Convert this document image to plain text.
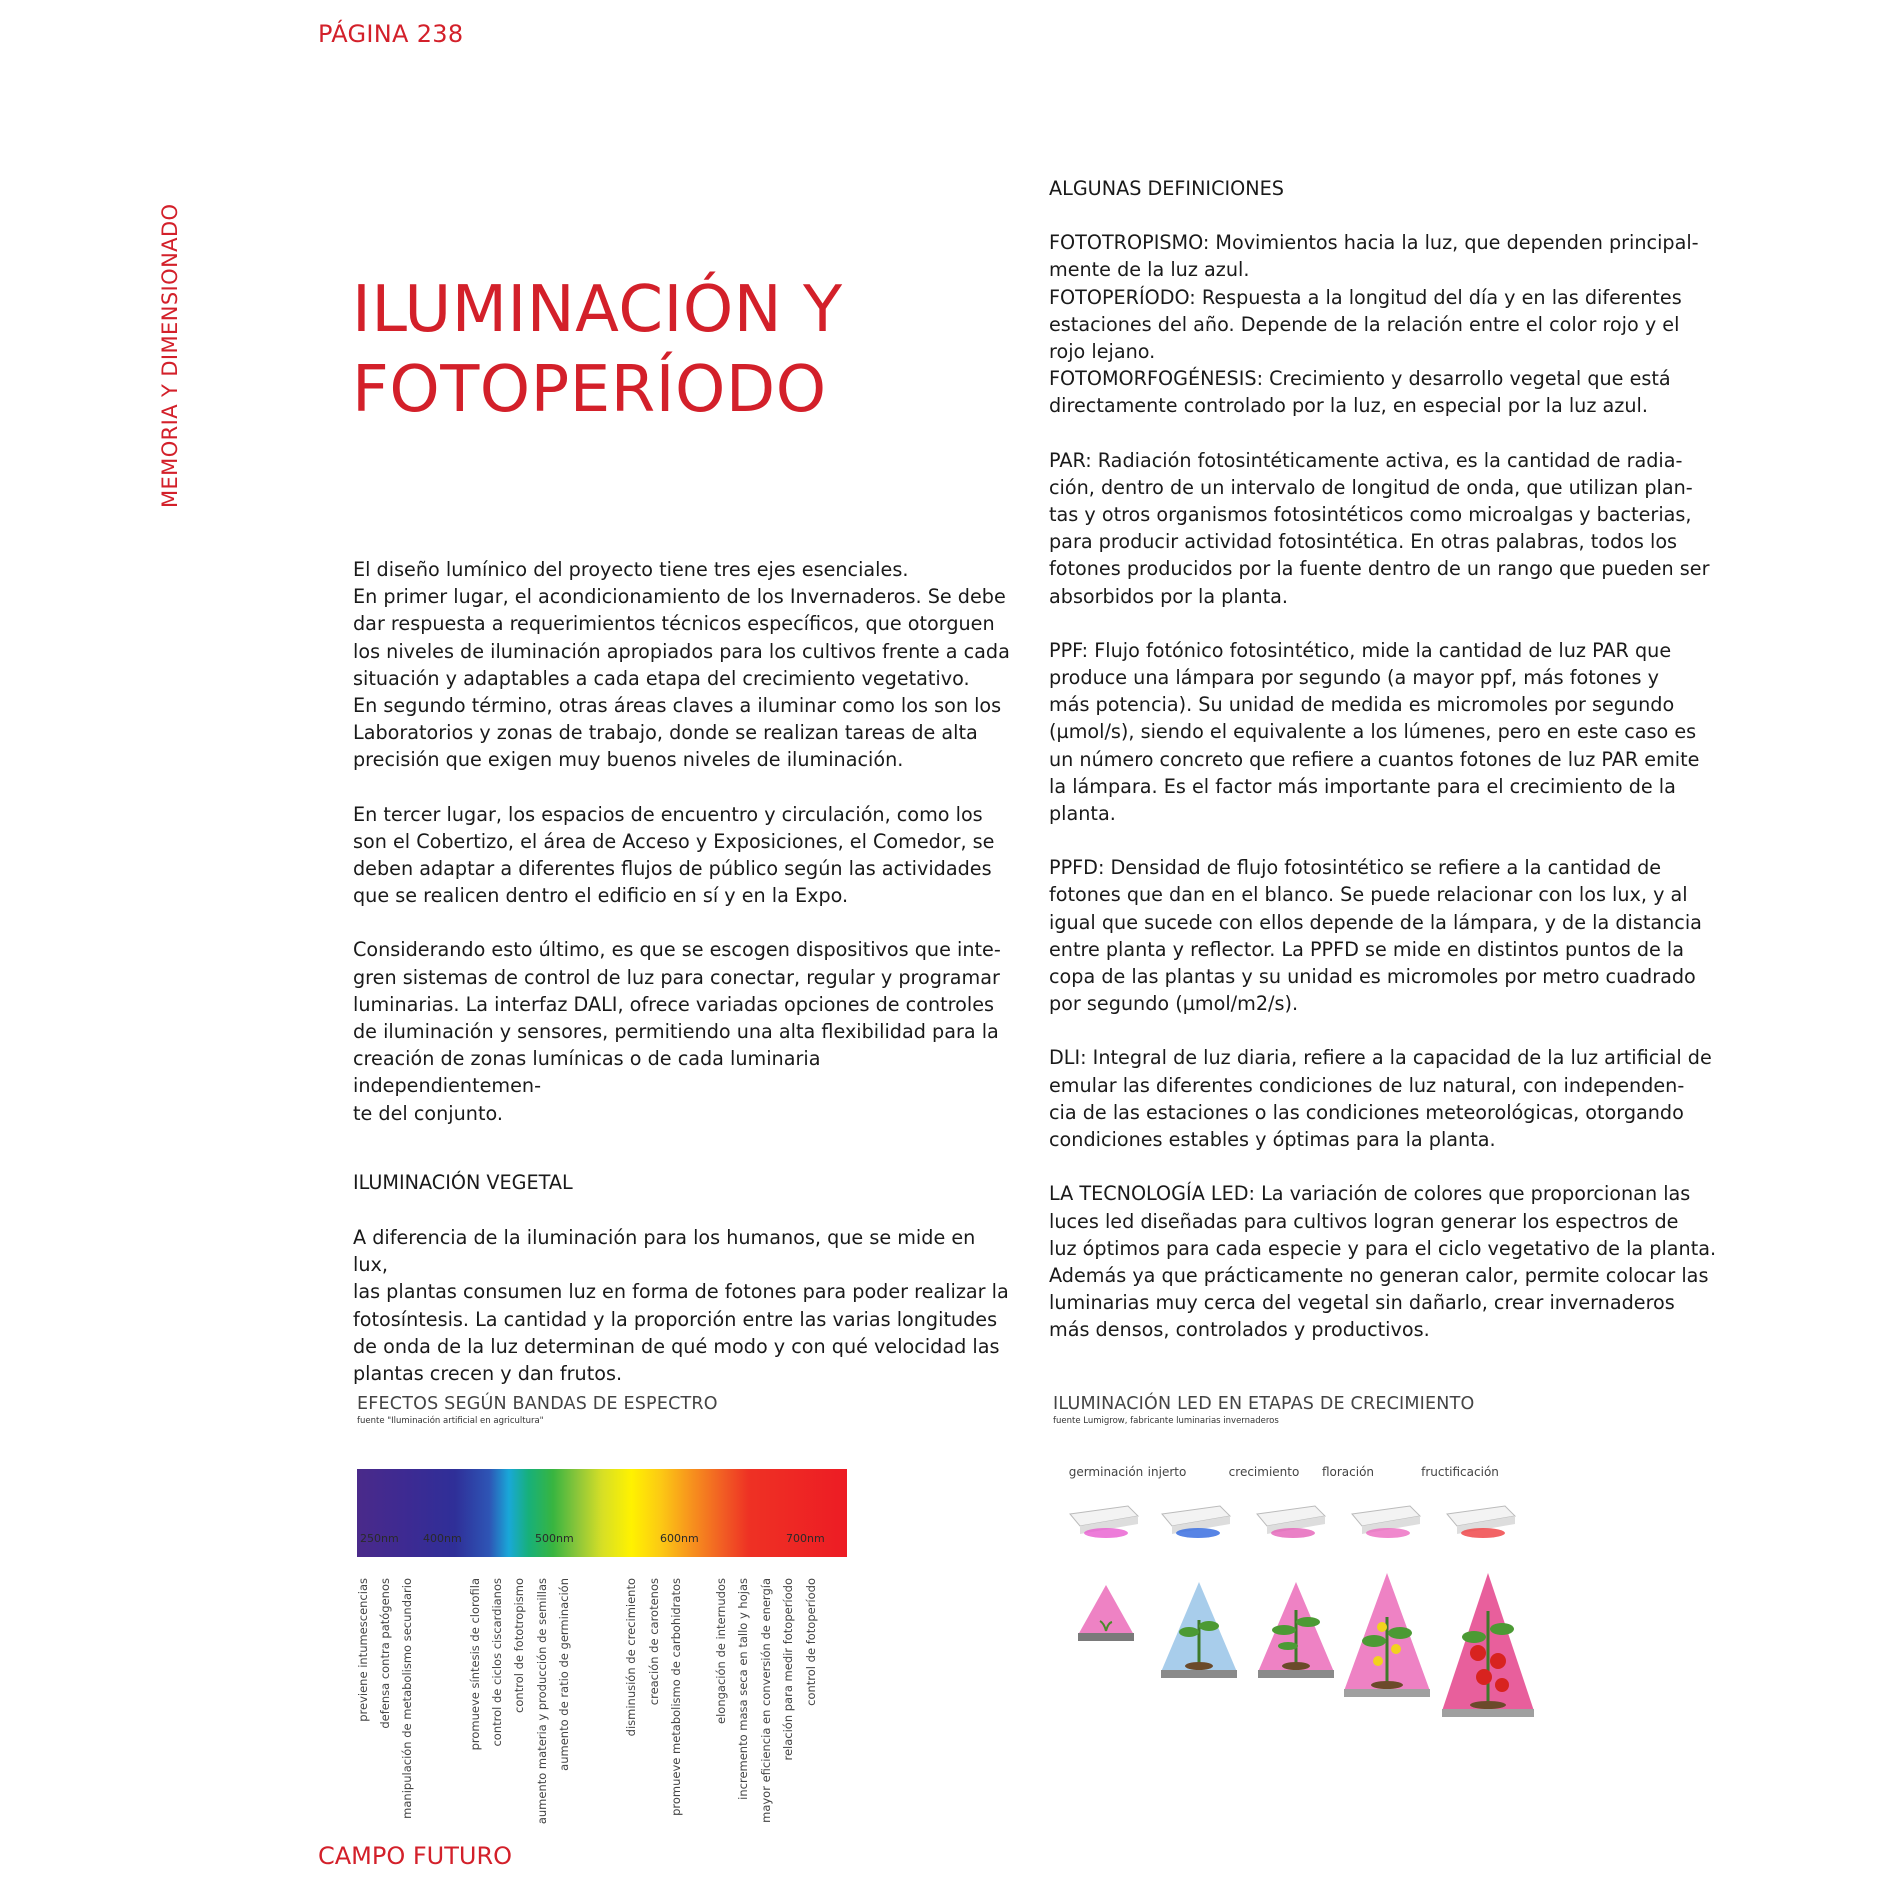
PÁGINA 238
MEMORIA Y DIMENSIONADO
CAMPO FUTURO
ILUMINACIÓN Y
FOTOPERÍODO

El diseño lumínico del proyecto tiene tres ejes esenciales.

En primer lugar, el acondicionamiento de los Invernaderos. Se debe

dar respuesta a requerimientos técnicos específicos, que otorguen

los niveles de iluminación apropiados para los cultivos frente a cada

situación y adaptables a cada etapa del crecimiento vegetativo.

En segundo término, otras áreas claves a iluminar como los son los

Laboratorios y zonas de trabajo, donde se realizan tareas de alta

precisión que exigen muy buenos niveles de iluminación.

En tercer lugar, los espacios de encuentro y circulación, como los

son el Cobertizo, el área de Acceso y Exposiciones, el Comedor, se

deben adaptar a diferentes flujos de público según las actividades

que se realicen dentro el edificio en sí y en la Expo.

Considerando esto último, es que se escogen dispositivos que inte-

gren sistemas de control de luz para conectar, regular y programar

luminarias. La interfaz DALI, ofrece variadas opciones de controles

de iluminación y sensores, permitiendo una alta flexibilidad para la

creación de zonas lumínicas o de cada luminaria independientemen-

te del conjunto.

ILUMINACIÓN VEGETAL

A diferencia de la iluminación para los humanos, que se mide en lux,

las plantas consumen luz en forma de fotones para poder realizar la

fotosíntesis. La cantidad y la proporción entre las varias longitudes

de onda de la luz determinan de qué modo y con qué velocidad las

plantas crecen y dan frutos.

ALGUNAS DEFINICIONES

FOTOTROPISMO: Movimientos hacia la luz, que dependen principal-

mente de la luz azul.

FOTOPERÍODO: Respuesta a la longitud del día y en las diferentes

estaciones del año. Depende de la relación entre el color rojo y el

rojo lejano.

FOTOMORFOGÉNESIS: Crecimiento y desarrollo vegetal que está

directamente controlado por la luz, en especial por la luz azul.

PAR: Radiación fotosintéticamente activa, es la cantidad de radia-

ción, dentro de un intervalo de longitud de onda, que utilizan plan-

tas y otros organismos fotosintéticos como microalgas y bacterias,

para producir actividad fotosintética. En otras palabras, todos los

fotones producidos por la fuente dentro de un rango que pueden ser

absorbidos por la planta.

PPF: Flujo fotónico fotosintético, mide la cantidad de luz PAR que

produce una lámpara por segundo (a mayor ppf, más fotones y

más potencia). Su unidad de medida es micromoles por segundo

(µmol/s), siendo el equivalente a los lúmenes, pero en este caso es

un número concreto que refiere a cuantos fotones de luz PAR emite

la lámpara. Es el factor más importante para el crecimiento de la

planta.

PPFD: Densidad de flujo fotosintético se refiere a la cantidad de

fotones que dan en el blanco. Se puede relacionar con los lux, y al

igual que sucede con ellos depende de la lámpara, y de la distancia

entre planta y reflector. La PPFD se mide en distintos puntos de la

copa de las plantas y su unidad es micromoles por metro cuadrado

por segundo (µmol/m2/s).

DLI: Integral de luz diaria, refiere a la capacidad de la luz artificial de

emular las diferentes condiciones de luz natural, con independen-

cia de las estaciones o las condiciones meteorológicas, otorgando

condiciones estables y óptimas para la planta.

LA TECNOLOGÍA LED: La variación de colores que proporcionan las

luces led diseñadas para cultivos logran generar los espectros de

luz óptimos para cada especie y para el ciclo vegetativo de la planta.

Además ya que prácticamente no generan calor, permite colocar las

luminarias muy cerca del vegetal sin dañarlo, crear invernaderos

más densos, controlados y productivos.

EFECTOS SEGÚN BANDAS DE ESPECTRO
fuente "Iluminación artificial en agricultura"
250nm 400nm	500nm	600nm	700nm
previene intumescencias defensa contra patógenos manipulación de metabolismo secundario	promueve síntesis de clorofila control de ciclos ciscardianos control de fototropismo aumento materia y producción de semillas aumento de ratio de germinación	disminusión de crecimiento creación de carotenos promueve metabolismo de carbohidratos	elongación de internudos incremento masa seca en tallo y hojas mayor eficiencia en conversión de energía relación para medir fotoperíodo control de fotoperíodo
ILUMINACIÓN LED EN ETAPAS DE CRECIMIENTO
fuente Lumigrow, fabricante luminarias invernaderos
germinación injerto	crecimiento floración	fructificación
